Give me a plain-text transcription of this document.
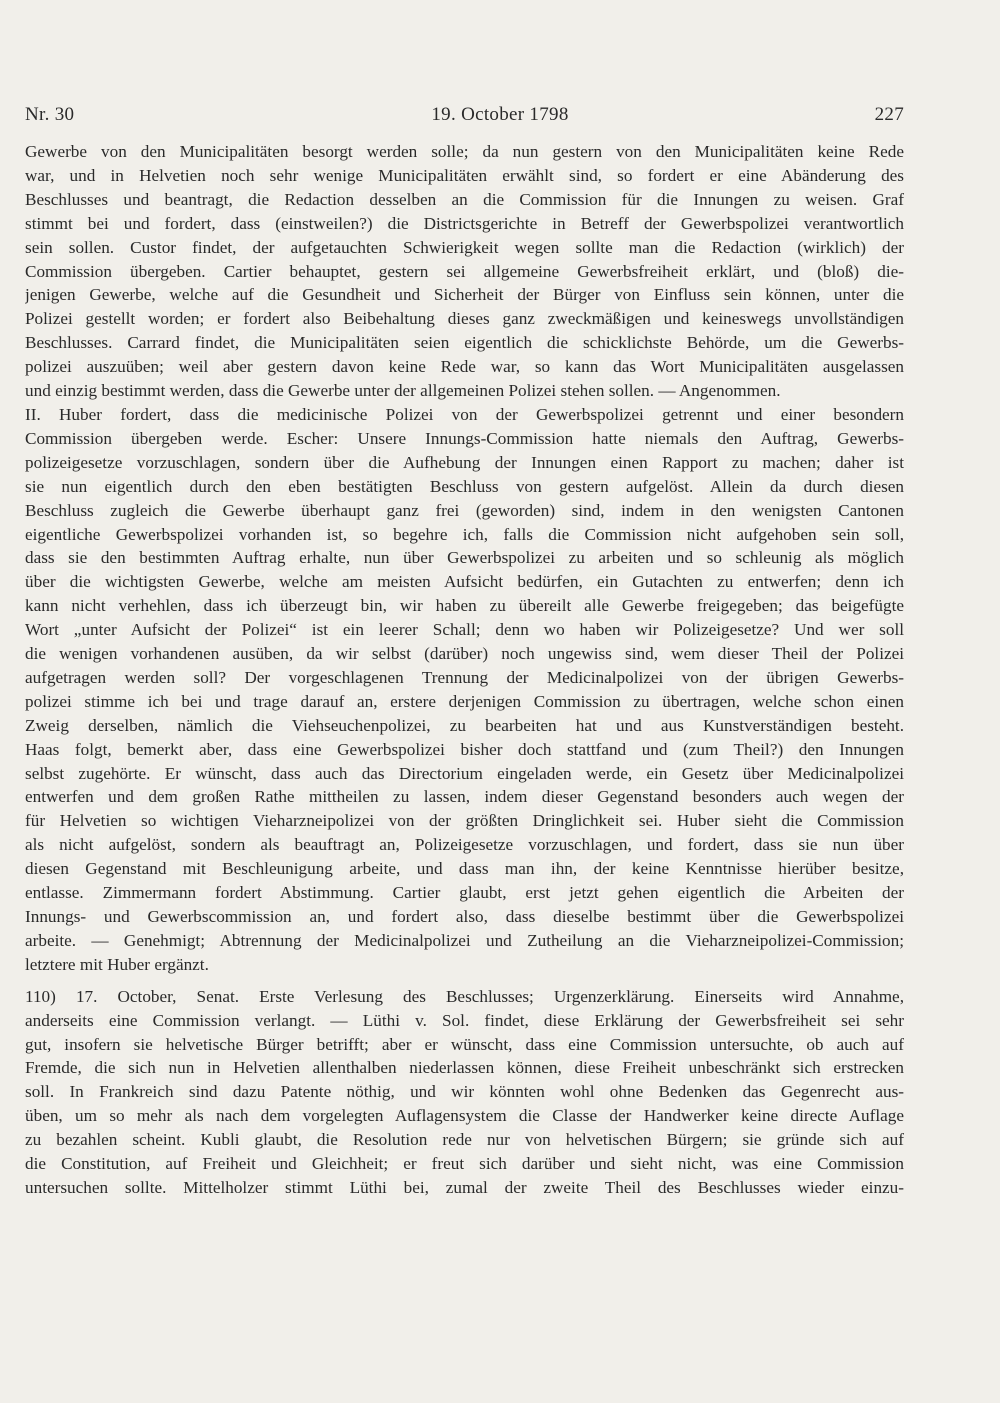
Nr. 30	19. October 1798	227
Gewerbe von den Municipalitäten besorgt werden solle; da nun gestern von den Municipalitäten keine Rede
war, und in Helvetien noch sehr wenige Municipalitäten erwählt sind, so fordert er eine Abänderung des
Beschlusses und beantragt, die Redaction desselben an die Commission für die Innungen zu weisen. Graf
stimmt bei und fordert, dass (einstweilen?) die Districtsgerichte in Betreff der Gewerbspolizei verantwortlich
sein sollen. Custor findet, der aufgetauchten Schwierigkeit wegen sollte man die Redaction (wirklich) der
Commission übergeben. Cartier behauptet, gestern sei allgemeine Gewerbsfreiheit erklärt, und (bloß) die-
jenigen Gewerbe, welche auf die Gesundheit und Sicherheit der Bürger von Einfluss sein können, unter die
Polizei gestellt worden; er fordert also Beibehaltung dieses ganz zweckmäßigen und keineswegs unvollständigen
Beschlusses. Carrard findet, die Municipalitäten seien eigentlich die schicklichste Behörde, um die Gewerbs-
polizei auszuüben; weil aber gestern davon keine Rede war, so kann das Wort Municipalitäten ausgelassen
und einzig bestimmt werden, dass die Gewerbe unter der allgemeinen Polizei stehen sollen. — Angenommen.
II. Huber fordert, dass die medicinische Polizei von der Gewerbspolizei getrennt und einer besondern
Commission übergeben werde. Escher: Unsere Innungs-Commission hatte niemals den Auftrag, Gewerbs-
polizeigesetze vorzuschlagen, sondern über die Aufhebung der Innungen einen Rapport zu machen; daher ist
sie nun eigentlich durch den eben bestätigten Beschluss von gestern aufgelöst. Allein da durch diesen
Beschluss zugleich die Gewerbe überhaupt ganz frei (geworden) sind, indem in den wenigsten Cantonen
eigentliche Gewerbspolizei vorhanden ist, so begehre ich, falls die Commission nicht aufgehoben sein soll,
dass sie den bestimmten Auftrag erhalte, nun über Gewerbspolizei zu arbeiten und so schleunig als möglich
über die wichtigsten Gewerbe, welche am meisten Aufsicht bedürfen, ein Gutachten zu entwerfen; denn ich
kann nicht verhehlen, dass ich überzeugt bin, wir haben zu übereilt alle Gewerbe freigegeben; das beigefügte
Wort „unter Aufsicht der Polizei“ ist ein leerer Schall; denn wo haben wir Polizeigesetze? Und wer soll
die wenigen vorhandenen ausüben, da wir selbst (darüber) noch ungewiss sind, wem dieser Theil der Polizei
aufgetragen werden soll? Der vorgeschlagenen Trennung der Medicinalpolizei von der übrigen Gewerbs-
polizei stimme ich bei und trage darauf an, erstere derjenigen Commission zu übertragen, welche schon einen
Zweig derselben, nämlich die Viehseuchenpolizei, zu bearbeiten hat und aus Kunstverständigen besteht.
Haas folgt, bemerkt aber, dass eine Gewerbspolizei bisher doch stattfand und (zum Theil?) den Innungen
selbst zugehörte. Er wünscht, dass auch das Directorium eingeladen werde, ein Gesetz über Medicinalpolizei
entwerfen und dem großen Rathe mittheilen zu lassen, indem dieser Gegenstand besonders auch wegen der
für Helvetien so wichtigen Vieharzneipolizei von der größten Dringlichkeit sei. Huber sieht die Commission
als nicht aufgelöst, sondern als beauftragt an, Polizeigesetze vorzuschlagen, und fordert, dass sie nun über
diesen Gegenstand mit Beschleunigung arbeite, und dass man ihn, der keine Kenntnisse hierüber besitze,
entlasse. Zimmermann fordert Abstimmung. Cartier glaubt, erst jetzt gehen eigentlich die Arbeiten der
Innungs- und Gewerbscommission an, und fordert also, dass dieselbe bestimmt über die Gewerbspolizei
arbeite. — Genehmigt; Abtrennung der Medicinalpolizei und Zutheilung an die Vieharzneipolizei-Commission;
letztere mit Huber ergänzt.
110) 17. October, Senat. Erste Verlesung des Beschlusses; Urgenzerklärung. Einerseits wird Annahme,
anderseits eine Commission verlangt. — Lüthi v. Sol. findet, diese Erklärung der Gewerbsfreiheit sei sehr
gut, insofern sie helvetische Bürger betrifft; aber er wünscht, dass eine Commission untersuchte, ob auch auf
Fremde, die sich nun in Helvetien allenthalben niederlassen können, diese Freiheit unbeschränkt sich erstrecken
soll. In Frankreich sind dazu Patente nöthig, und wir könnten wohl ohne Bedenken das Gegenrecht aus-
üben, um so mehr als nach dem vorgelegten Auflagensystem die Classe der Handwerker keine directe Auflage
zu bezahlen scheint. Kubli glaubt, die Resolution rede nur von helvetischen Bürgern; sie gründe sich auf
die Constitution, auf Freiheit und Gleichheit; er freut sich darüber und sieht nicht, was eine Commission
untersuchen sollte. Mittelholzer stimmt Lüthi bei, zumal der zweite Theil des Beschlusses wieder einzu-
